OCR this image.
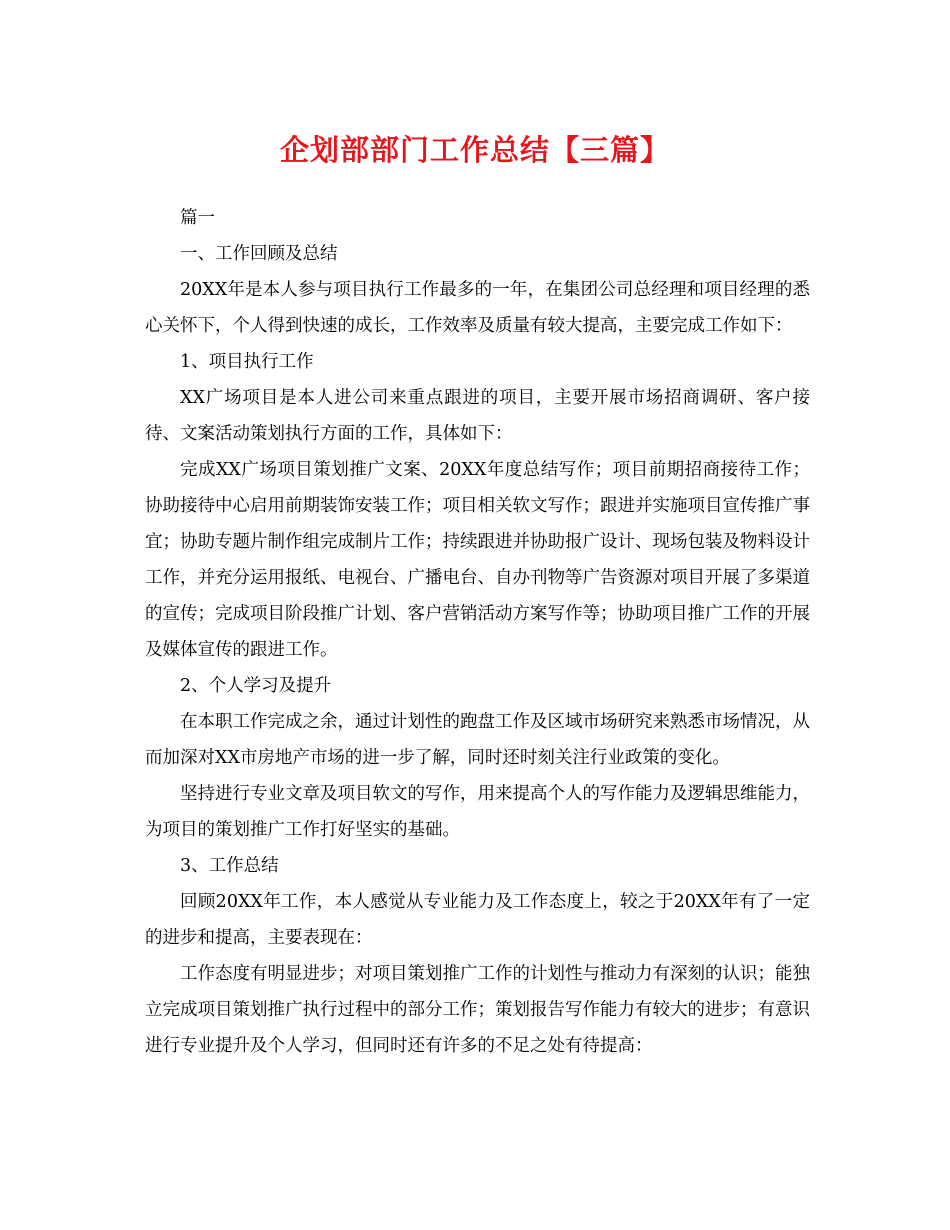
企划部部门工作总结【三篇】

篇一

一、工作回顾及总结

20XX年是本人参与项目执行工作最多的一年，在集团公司总经理和项目经理的悉心关怀下，个人得到快速的成长，工作效率及质量有较大提高，主要完成工作如下：

1、项目执行工作

XX广场项目是本人进公司来重点跟进的项目，主要开展市场招商调研、客户接待、文案活动策划执行方面的工作，具体如下：

完成XX广场项目策划推广文案、20XX年度总结写作；项目前期招商接待工作；协助接待中心启用前期装饰安装工作；项目相关软文写作；跟进并实施项目宣传推广事宜；协助专题片制作组完成制片工作；持续跟进并协助报广设计、现场包装及物料设计工作，并充分运用报纸、电视台、广播电台、自办刊物等广告资源对项目开展了多渠道的宣传；完成项目阶段推广计划、客户营销活动方案写作等；协助项目推广工作的开展及媒体宣传的跟进工作。

2、个人学习及提升

在本职工作完成之余，通过计划性的跑盘工作及区域市场研究来熟悉市场情况，从而加深对XX市房地产市场的进一步了解，同时还时刻关注行业政策的变化。

坚持进行专业文章及项目软文的写作，用来提高个人的写作能力及逻辑思维能力，为项目的策划推广工作打好坚实的基础。

3、工作总结

回顾20XX年工作，本人感觉从专业能力及工作态度上，较之于20XX年有了一定的进步和提高，主要表现在：

工作态度有明显进步；对项目策划推广工作的计划性与推动力有深刻的认识；能独立完成项目策划推广执行过程中的部分工作；策划报告写作能力有较大的进步；有意识进行专业提升及个人学习，但同时还有许多的不足之处有待提高：
